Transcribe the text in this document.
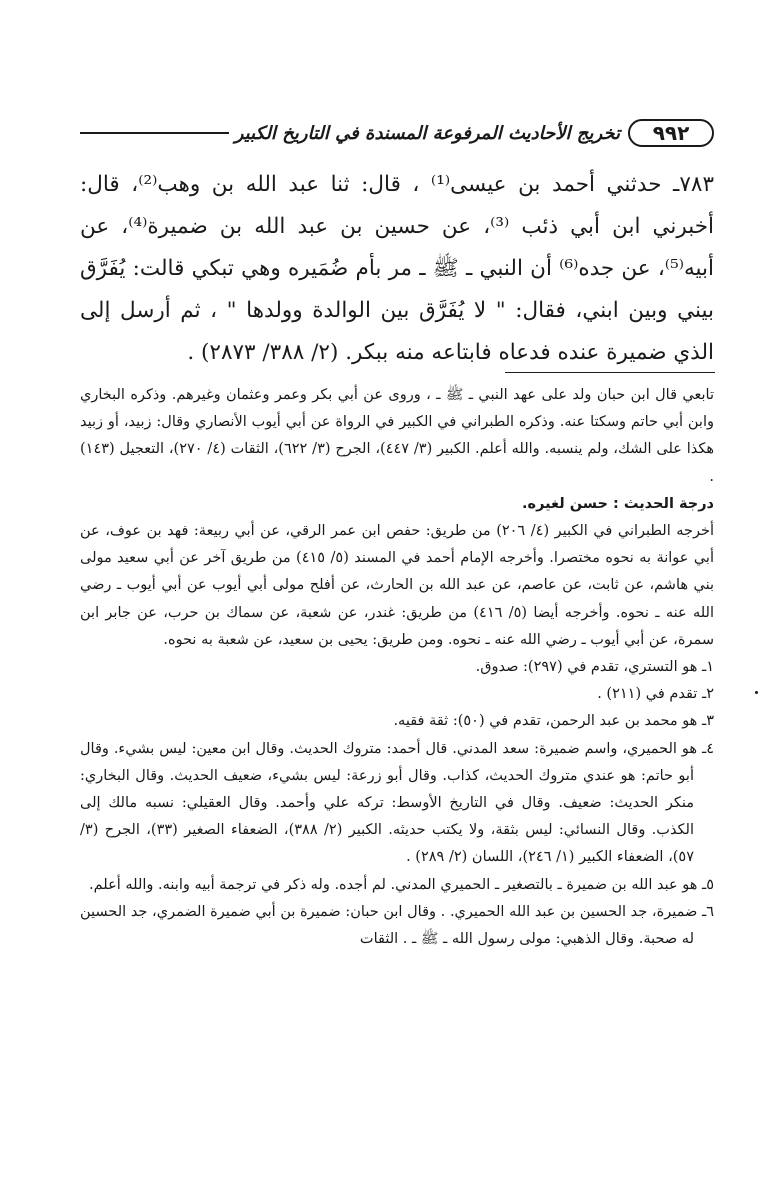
٩٩٢
تخريج الأحاديث المرفوعة المسندة في التاريخ الكبير
٧٨٣ـ حدثني أحمد بن عيسى⁽¹⁾ ، قال: ثنا عبد الله بن وهب⁽²⁾، قال: أخبرني ابن أبي ذئب ⁽³⁾، عن حسين بن عبد الله بن ضميرة⁽⁴⁾، عن أبيه⁽⁵⁾، عن جده⁽⁶⁾ أن النبي ـ ﷺ ـ مر بأم ضُمَيره وهي تبكي قالت: يُفَرَّق بيني وبين ابني، فقال: " لا يُفَرَّق بين الوالدة وولدها " ، ثم أرسل إلى الذي ضميرة عنده فدعاه فابتاعه منه ببكر. (٢/ ٣٨٨/ ٢٨٧٣) .

تابعي قال ابن حبان ولد على عهد النبي ـ ﷺ ـ ، وروى عن أبي بكر وعمر وعثمان وغيرهم. وذكره البخاري وابن أبي حاتم وسكتا عنه. وذكره الطبراني في الكبير في الرواة عن أبي أيوب الأنصاري وقال: زبيد، أو زبيد هكذا على الشك، ولم ينسبه. والله أعلم. الكبير (٣/ ٤٤٧)، الجرح (٣/ ٦٢٢)، الثقات (٤/ ٢٧٠)، التعجيل (١٤٣) .

درجة الحديث : حسن لغيره.

أخرجه الطبراني في الكبير (٤/ ٢٠٦) من طريق: حفص ابن عمر الرقي، عن أبي ربيعة: فهد بن عوف، عن أبي عوانة به نحوه مختصرا. وأخرجه الإمام أحمد في المسند (٥/ ٤١٥) من طريق آخر عن أبي سعيد مولى بني هاشم، عن ثابت، عن عاصم، عن عبد الله بن الحارث، عن أفلح مولى أبي أيوب عن أبي أيوب ـ رضي الله عنه ـ نحوه. وأخرجه أيضا (٥/ ٤١٦) من طريق: غندر، عن شعبة، عن سماك بن حرب، عن جابر ابن سمرة، عن أبي أيوب ـ رضي الله عنه ـ نحوه. ومن طريق: يحيى بن سعيد، عن شعبة به نحوه.

١ـ هو التستري، تقدم في (٢٩٧): صدوق.

٢ـ تقدم في (٢١١) .

٣ـ هو محمد بن عبد الرحمن، تقدم في (٥٠): ثقة فقيه.

٤ـ هو الحميري، واسم ضميرة: سعد المدني. قال أحمد: متروك الحديث. وقال ابن معين: ليس بشيء. وقال أبو حاتم: هو عندي متروك الحديث، كذاب. وقال أبو زرعة: ليس بشيء، ضعيف الحديث. وقال البخاري: منكر الحديث: ضعيف. وقال في التاريخ الأوسط: تركه علي وأحمد. وقال العقيلي: نسبه مالك إلى الكذب. وقال النسائي: ليس بثقة، ولا يكتب حديثه. الكبير (٢/ ٣٨٨)، الضعفاء الصغير (٣٣)، الجرح (٣/ ٥٧)، الضعفاء الكبير (١/ ٢٤٦)، اللسان (٢/ ٢٨٩) .

٥ـ هو عبد الله بن ضميرة ـ بالتصغير ـ الحميري المدني. لم أجده. وله ذكر في ترجمة أبيه وابنه. والله أعلم.

٦ـ ضميرة، جد الحسين بن عبد الله الحميري. . وقال ابن حبان: ضميرة بن أبي ضميرة الضمري، جد الحسين له صحبة. وقال الذهبي: مولى رسول الله ـ ﷺ ـ . الثقات
